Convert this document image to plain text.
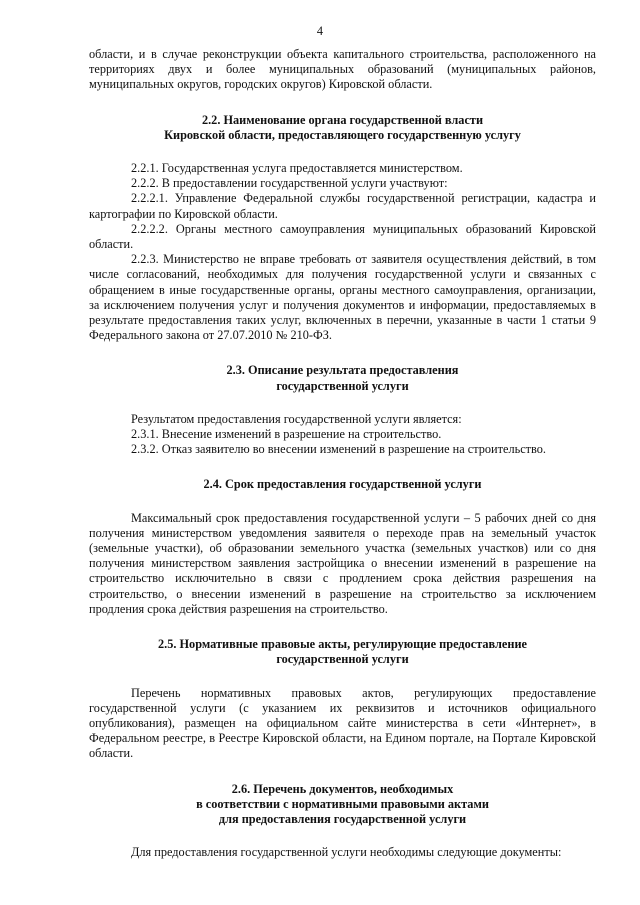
4

области, и в случае реконструкции объекта капитального строительства, расположенного на территориях двух и более муниципальных образований (муниципальных районов, муниципальных округов, городских округов) Кировской области.

2.2. Наименование органа государственной власти
Кировской области, предоставляющего государственную услугу

2.2.1. Государственная услуга предоставляется министерством.

2.2.2. В предоставлении государственной услуги участвуют:

2.2.2.1. Управление Федеральной службы государственной регистрации, кадастра и картографии по Кировской области.

2.2.2.2. Органы местного самоуправления муниципальных образований Кировской области.

2.2.3. Министерство не вправе требовать от заявителя осуществления действий, в том числе согласований, необходимых для получения государственной услуги и связанных с обращением в иные государственные органы, органы местного самоуправления, организации, за исключением получения услуг и получения документов и информации, предоставляемых в результате предоставления таких услуг, включенных в перечни, указанные в части 1 статьи 9 Федерального закона от 27.07.2010 № 210-ФЗ.

2.3. Описание результата предоставления
государственной услуги

Результатом предоставления государственной услуги является:

2.3.1. Внесение изменений в разрешение на строительство.

2.3.2. Отказ заявителю во внесении изменений в разрешение на строительство.

2.4. Срок предоставления государственной услуги

Максимальный срок предоставления государственной услуги – 5 рабочих дней со дня получения министерством уведомления заявителя о переходе прав на земельный участок (земельные участки), об образовании земельного участка (земельных участков) или со дня получения министерством заявления застройщика о внесении изменений в разрешение на строительство исключительно в связи с продлением срока действия разрешения на строительство, о внесении изменений в разрешение на строительство за исключением продления срока действия разрешения на строительство.

2.5. Нормативные правовые акты, регулирующие предоставление
государственной услуги

Перечень нормативных правовых актов, регулирующих предоставление государственной услуги (с указанием их реквизитов и источников официального опубликования), размещен на официальном сайте министерства в сети «Интернет», в Федеральном реестре, в Реестре Кировской области, на Едином портале, на Портале Кировской области.

2.6. Перечень документов, необходимых
в соответствии с нормативными правовыми актами
для предоставления государственной услуги

Для предоставления государственной услуги необходимы следующие документы:
